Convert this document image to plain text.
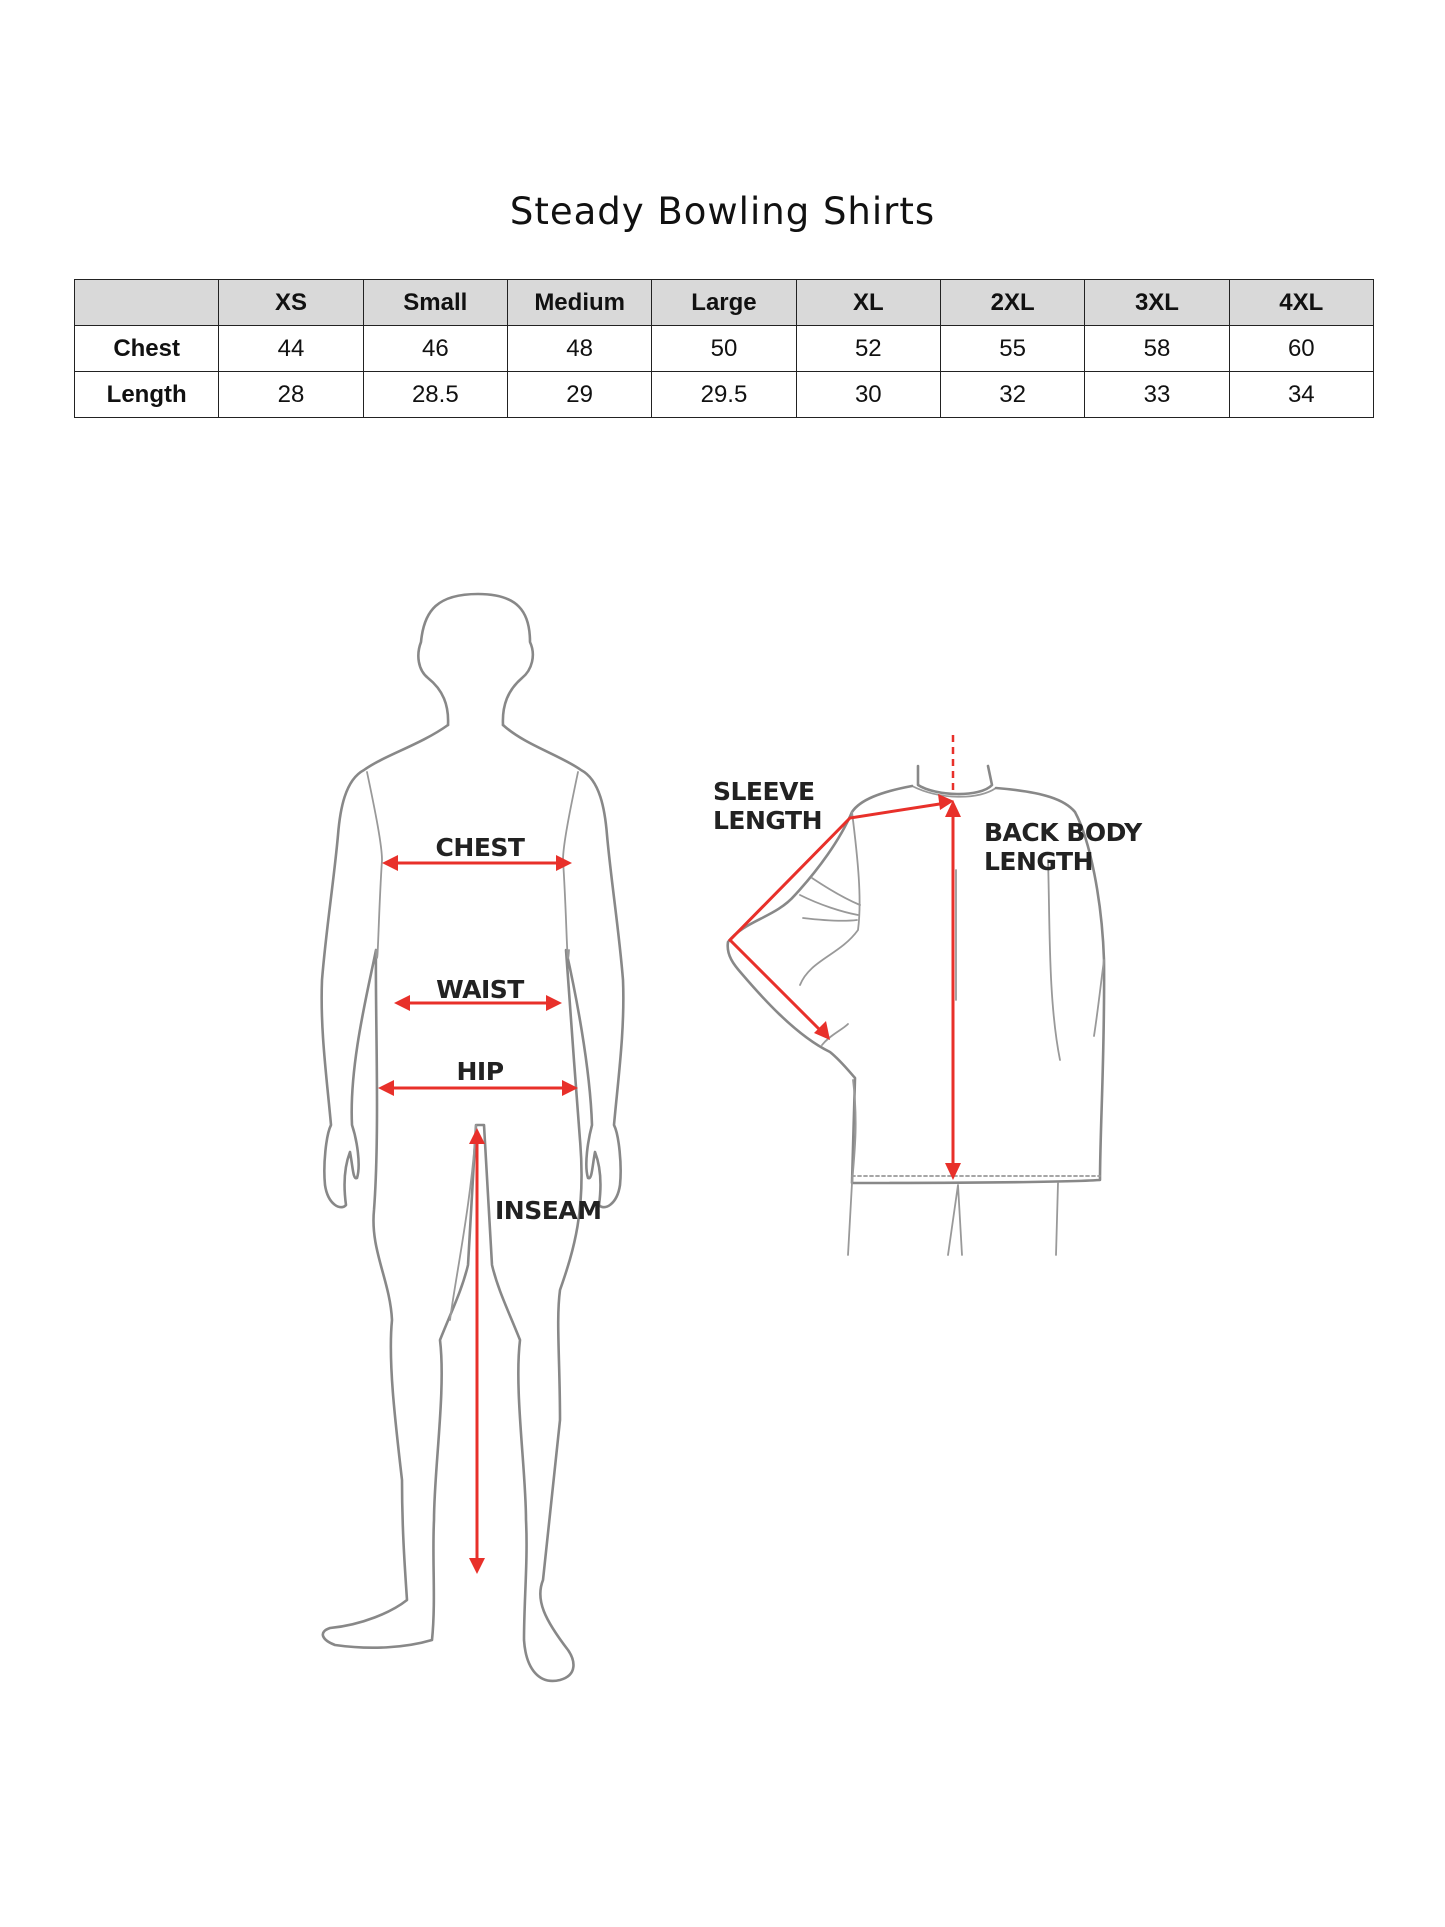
Steady Bowling Shirts
	XS	Small	Medium	Large	XL	2XL	3XL	4XL
Chest	44	46	48	50	52	55	58	60
Length	28	28.5	29	29.5	30	32	33	34
CHEST
WAIST
HIP
INSEAM
SLEEVE
LENGTH	BACK BODY
LENGTH
